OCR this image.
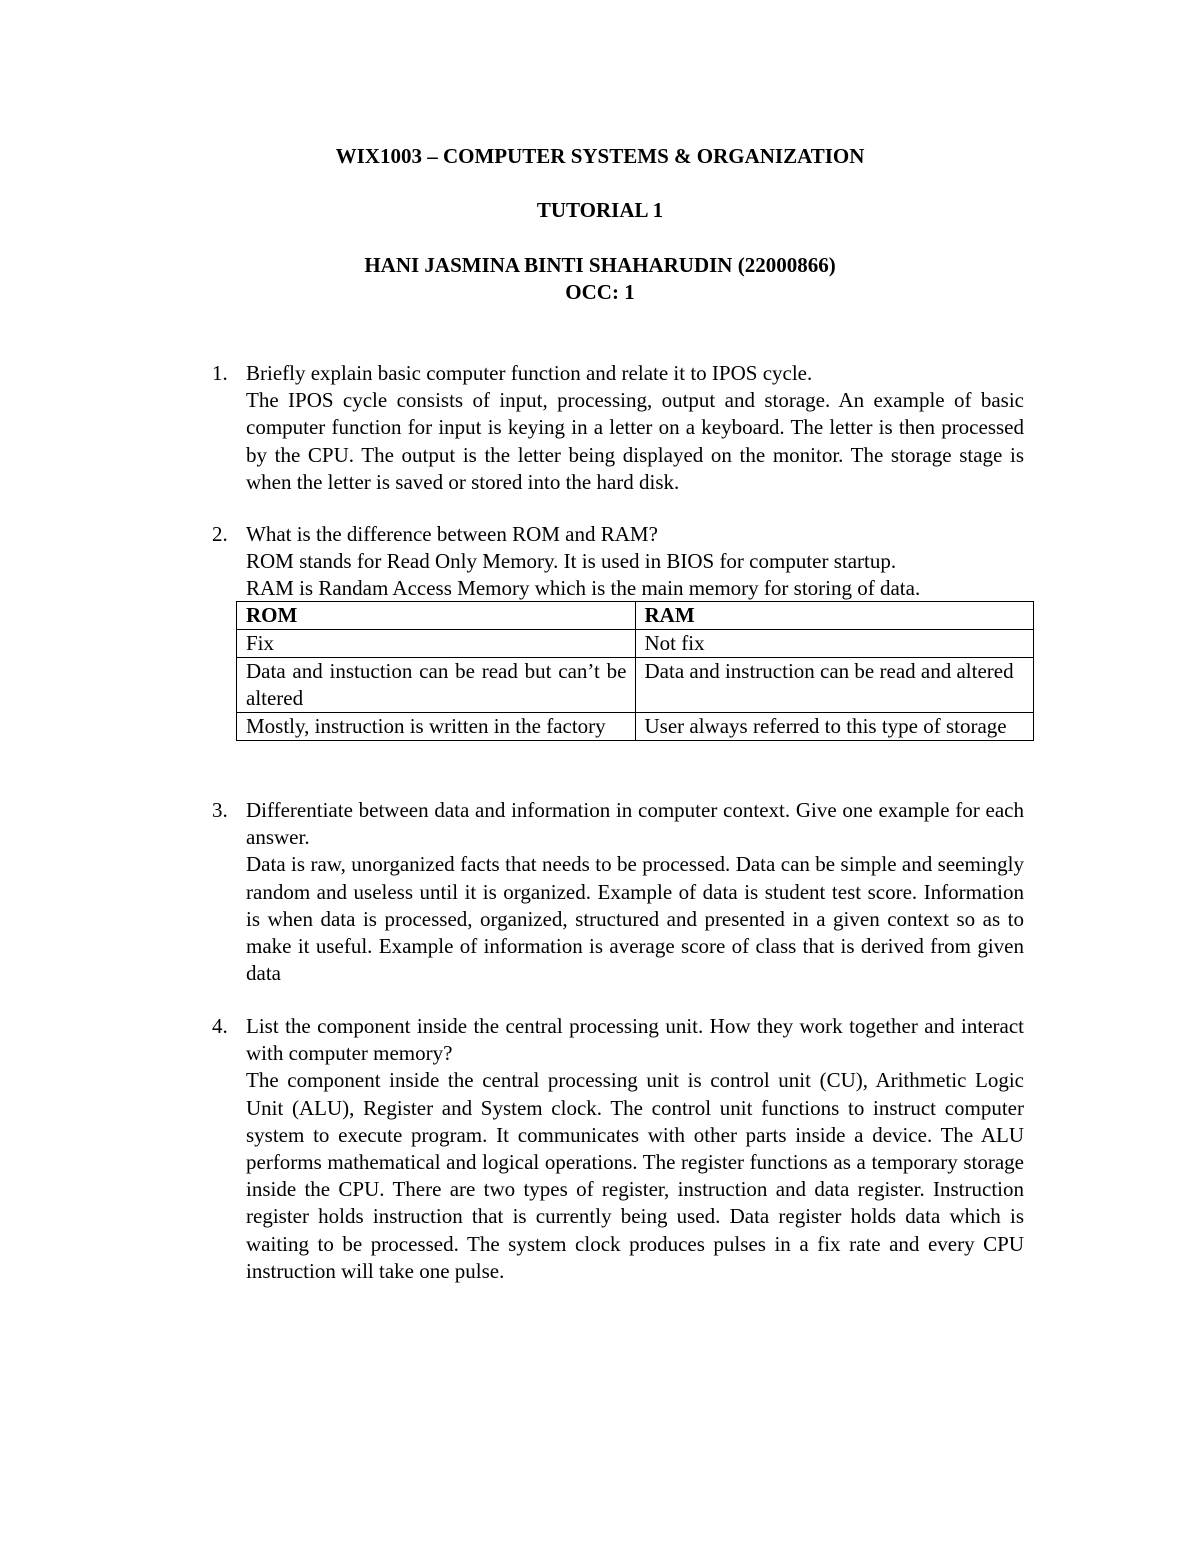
WIX1003 – COMPUTER SYSTEMS & ORGANIZATION
TUTORIAL 1
HANI JASMINA BINTI SHAHARUDIN (22000866)
OCC: 1
1. Briefly explain basic computer function and relate it to IPOS cycle.

The IPOS cycle consists of input, processing, output and storage. An example of basic computer function for input is keying in a letter on a keyboard. The letter is then processed by the CPU. The output is the letter being displayed on the monitor. The storage stage is when the letter is saved or stored into the hard disk.

2. What is the difference between ROM and RAM?

ROM stands for Read Only Memory. It is used in BIOS for computer startup.

RAM is Randam Access Memory which is the main memory for storing of data.

ROM	RAM
Fix	Not fix
Data and instuction can be read but can’t be altered	Data and instruction can be read and altered
Mostly, instruction is written in the factory	User always referred to this type of storage
3. Differentiate between data and information in computer context. Give one example for each answer.

Data is raw, unorganized facts that needs to be processed. Data can be simple and seemingly random and useless until it is organized. Example of data is student test score. Information is when data is processed, organized, structured and presented in a given context so as to make it useful. Example of information is average score of class that is derived from given data

4. List the component inside the central processing unit. How they work together and interact with computer memory?

The component inside the central processing unit is control unit (CU), Arithmetic Logic Unit (ALU), Register and System clock. The control unit functions to instruct computer system to execute program. It communicates with other parts inside a device. The ALU performs mathematical and logical operations. The register functions as a temporary storage inside the CPU. There are two types of register, instruction and data register. Instruction register holds instruction that is currently being used. Data register holds data which is waiting to be processed. The system clock produces pulses in a fix rate and every CPU instruction will take one pulse.
